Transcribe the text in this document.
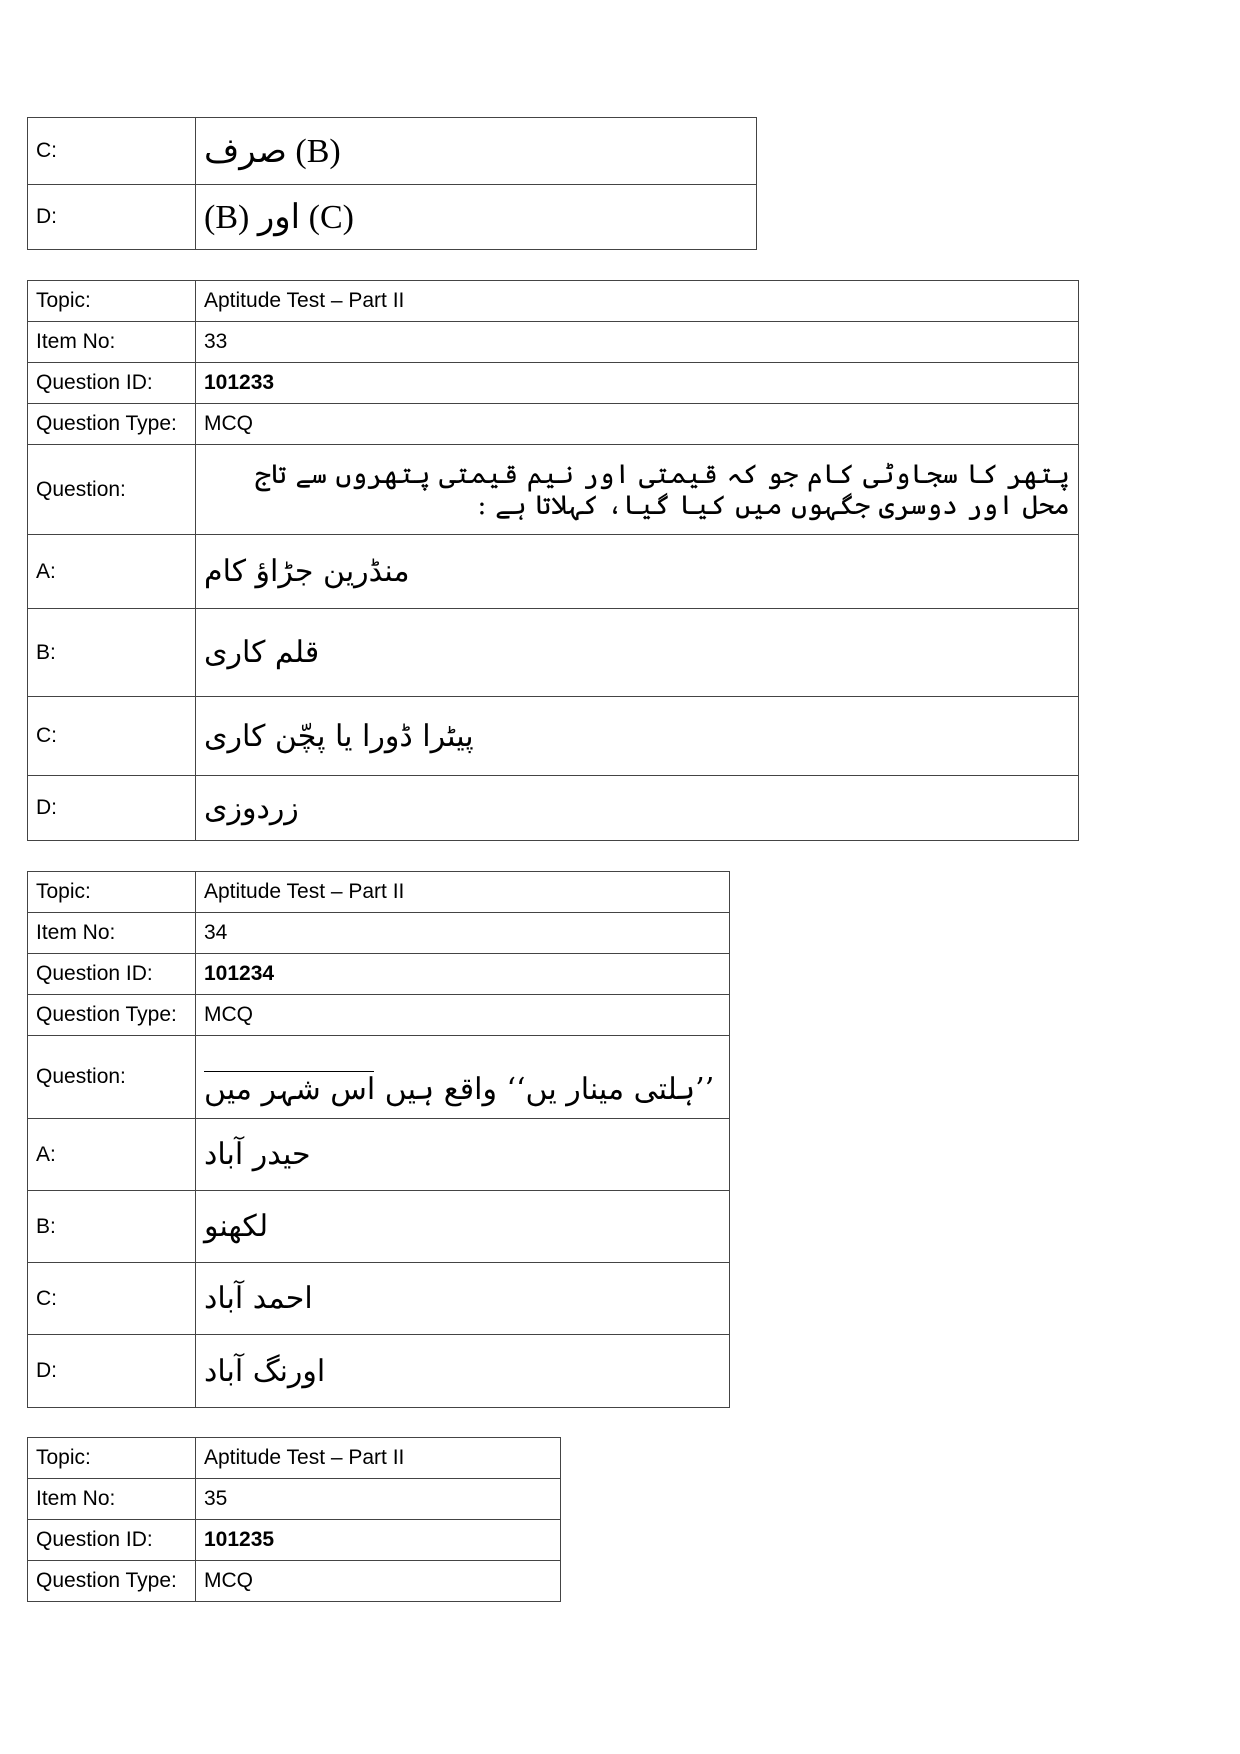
C:	(B) صرف
D:	(C) اور (B)
Topic:	Aptitude Test – Part II
Item No:	33
Question ID:	101233
Question Type:	MCQ
Question:	پتھر کا سجاوٹی کام جو کہ قیمتی اور نیم قیمتی پتھروں سے تاج محل اور دوسری جگہوں میں کیا گیا، کہلاتا ہے :
A:	منڈرین جڑاؤ کام
B:	قلم کاری
C:	پیٹرا ڈورا یا پچّن کاری
D:	زردوزی
Topic:	Aptitude Test – Part II
Item No:	34
Question ID:	101234
Question Type:	MCQ
Question:	’’ہلتی مینار یں‘‘ واقع ہیں اس شہر میں
A:	حیدر آباد
B:	لکھنو
C:	احمد آباد
D:	اورنگ آباد
Topic:	Aptitude Test – Part II
Item No:	35
Question ID:	101235
Question Type:	MCQ
